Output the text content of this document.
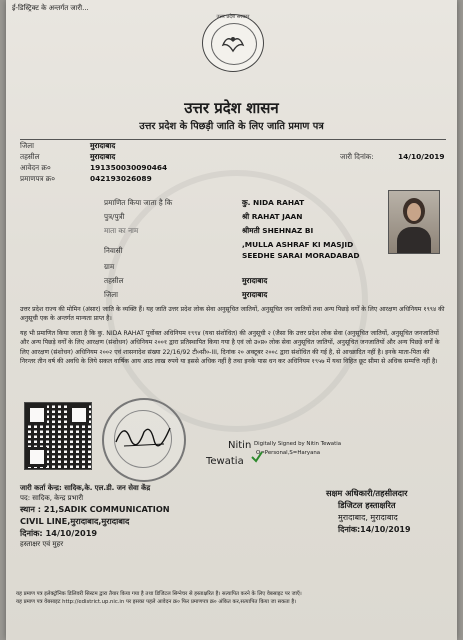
ई-डिस्ट्रिक्ट के अन्तर्गत जारी...
उत्तर प्रदेश सरकार
उत्तर प्रदेश शासन
उत्तर प्रदेश के पिछड़ी जाति के लिए जाति प्रमाण पत्र
जिला	मुरादाबाद
तहसील	मुरादाबाद
आवेदन क्र०	191350030090464
प्रमाणपत्र क्र०	042193026089
जारी दिनांक:	14/10/2019
प्रमाणित किया जाता है कि	कु. NIDA RAHAT
पुत्र/पुत्री	श्री RAHAT JAAN
माता का नाम	श्रीमती SHEHNAZ BI
निवासी
,MULLA ASHRAF KI MASJID
SEEDHE SARAI MORADABAD
ग्राम
तहसील	मुरादाबाद
जिला	मुरादाबाद
उत्तर प्रदेश राज्य की मोमिन (अंसार) जाति के व्यक्ति हैं। यह जाति उत्तर प्रदेश लोक सेवा अनुसूचित जातियों, अनुसूचित जन जातियों तथा अन्य पिछड़े वर्गों के लिए आरक्षण अधिनियम १९९४ की अनुसूची एक के अन्तर्गत मान्यता प्राप्त है।
यह भी प्रमाणित किया जाता है कि कु. NIDA RAHAT पूर्वोक्त अधिनियम १९९४ (यथा संशोधित) की अनुसूची २ (जैसा कि उत्तर प्रदेश लोक सेवा (अनुसूचित जातियों, अनुसूचित जनजातियों और अन्य पिछड़े वर्गों के लिए आरक्षण (संशोधन) अधिनियम २००१ द्वारा प्रतिस्थापित किया गया है एवं जो उ०प्र० लोक सेवा अनुसूचित जातियों, अनुसूचित जनजातियों और अन्य पिछड़े वर्गों के लिए आरक्षण (संशोधन) अधिनियम २००२ एवं शासनादेश संख्या 22/16/92 टी०सी०-III, दिनांक २० अक्टूबर २००८ द्वारा संशोधित की गई है, से आच्छादित नहीं है। इनके माता-पिता की निरन्तर तीन वर्ष की अवधि के लिये सकल वार्षिक आय आठ लाख रुपये या इससे अधिक नहीं है तथा इनके पास धन कर अधिनियम १९५७ में यथा विहित छूट सीमा से अधिक सम्पत्ति नहीं है।
Nitin
Tewatia
Digitally Signed by Nitin Tewatia
O=Personal,S=Haryana
जारी कर्ता केन्द्र: सादिक,के. एल.डी. जन सेवा केंद्र
पद: सादिक, केन्द्र प्रभारी
स्थान : 21,SADIK COMMUNICATION
CIVIL LINE,मुरादाबाद,मुरादाबाद
दिनांक: 14/10/2019
हस्ताक्षर एवं मुहर
सक्षम अधिकारी/तहसीलदार
डिजिटल हस्ताक्षरित
मुरादाबाद, मुरादाबाद
दिनांक:14/10/2019
यह प्रमाण पत्र इलेक्ट्रॉनिक डिलिवरी सिस्टम द्वारा तैयार किया गया है तथा डिजिटल सिग्नेचर से हस्ताक्षरित है। सत्यापित करने के लिए वेबसाइट पर जाएँ।
यह प्रमाण पत्र वेबसाइट http://edistrict.up.nic.in पर इसका पहले आवेदन क्र० फिर प्रमाणपत्र क्र० अंकित कर,सत्यापित किया जा सकता है।
